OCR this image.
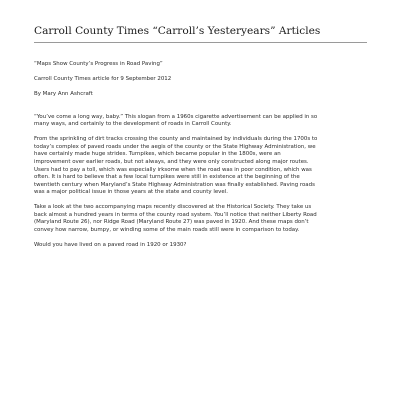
Carroll County Times “Carroll’s Yesteryears” Articles

“Maps Show County’s Progress in Road Paving”

Carroll County Times article for 9 September 2012

By Mary Ann Ashcraft

“You’ve come a long way, baby.” This slogan from a 1960s cigarette advertisement can be applied in so
many ways, and certainly to the development of roads in Carroll County.

From the sprinkling of dirt tracks crossing the county and maintained by individuals during the 1700s to
today’s complex of paved roads under the aegis of the county or the State Highway Administration, we
have certainly made huge strides. Turnpikes, which became popular in the 1800s, were an
improvement over earlier roads, but not always, and they were only constructed along major routes.
Users had to pay a toll, which was especially irksome when the road was in poor condition, which was
often. It is hard to believe that a few local turnpikes were still in existence at the beginning of the
twentieth century when Maryland’s State Highway Administration was finally established. Paving roads
was a major political issue in those years at the state and county level.

Take a look at the two accompanying maps recently discovered at the Historical Society. They take us
back almost a hundred years in terms of the county road system. You’ll notice that neither Liberty Road
(Maryland Route 26), nor Ridge Road (Maryland Route 27) was paved in 1920. And these maps don’t
convey how narrow, bumpy, or winding some of the main roads still were in comparison to today.

Would you have lived on a paved road in 1920 or 1930?
